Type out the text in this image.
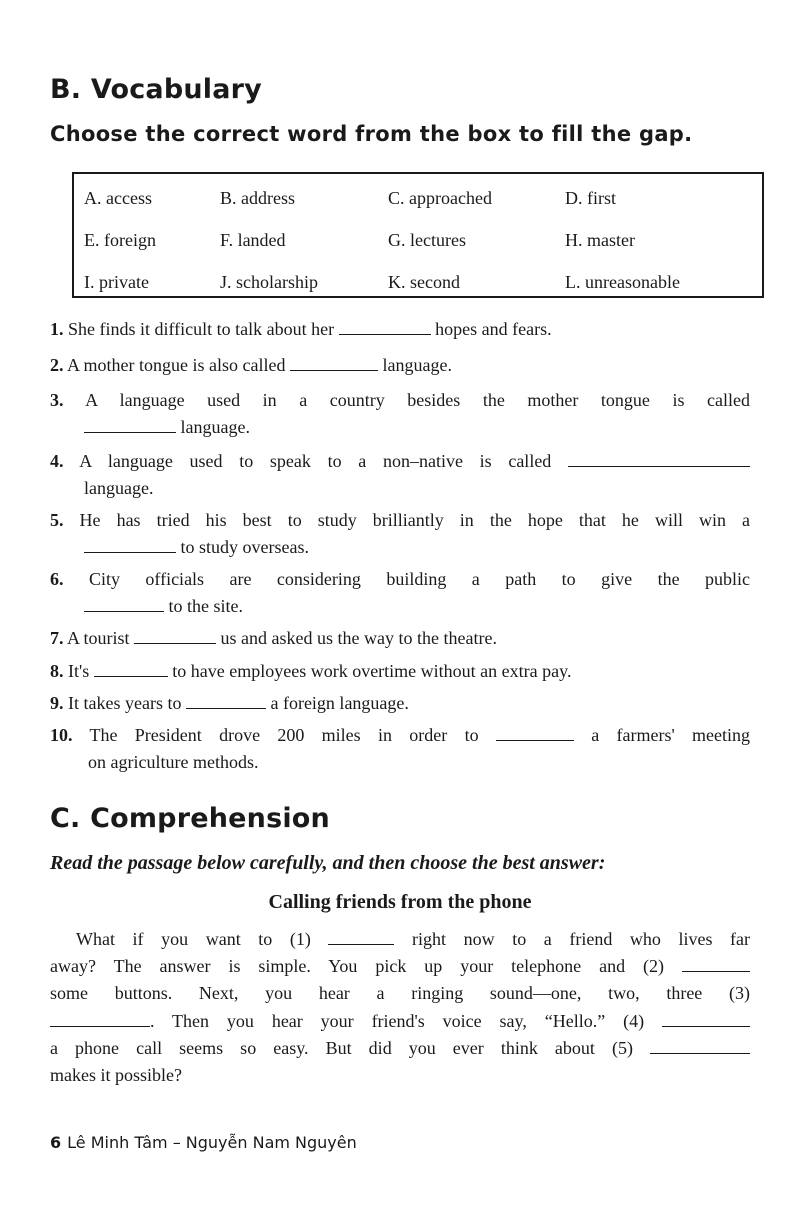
B. Vocabulary

Choose the correct word from the box to fill the gap.

A. access	B. address	C. approached	D. first
E. foreign	F. landed	G. lectures	H. master
I. private	J. scholarship	K. second	L. unreasonable
1. She finds it difficult to talk about her	hopes and fears.
2. A mother tongue is also called	language.
3. A language used in a country besides the mother tongue is called
language.
4. A language used to speak to a non–native is called
language.
5. He has tried his best to study brilliantly in the hope that he will win a
to study overseas.
6. City officials are considering building a path to give the public
to the site.
7. A tourist	us and asked us the way to the theatre.
8. It's	to have employees work overtime without an extra pay.
9. It takes years to	a foreign language.
10. The President drove 200 miles in order to	a farmers' meeting
on agriculture methods.
C. Comprehension

Read the passage below carefully, and then choose the best answer:

Calling friends from the phone

What if you want to (1)	right now to a friend who lives far
away? The answer is simple. You pick up your telephone and (2)
some buttons. Next, you hear a ringing sound—one, two, three (3)
. Then you hear your friend's voice say, “Hello.” (4)
a phone call seems so easy. But did you ever think about (5)
makes it possible?
6 Lê Minh Tâm – Nguyễn Nam Nguyên
